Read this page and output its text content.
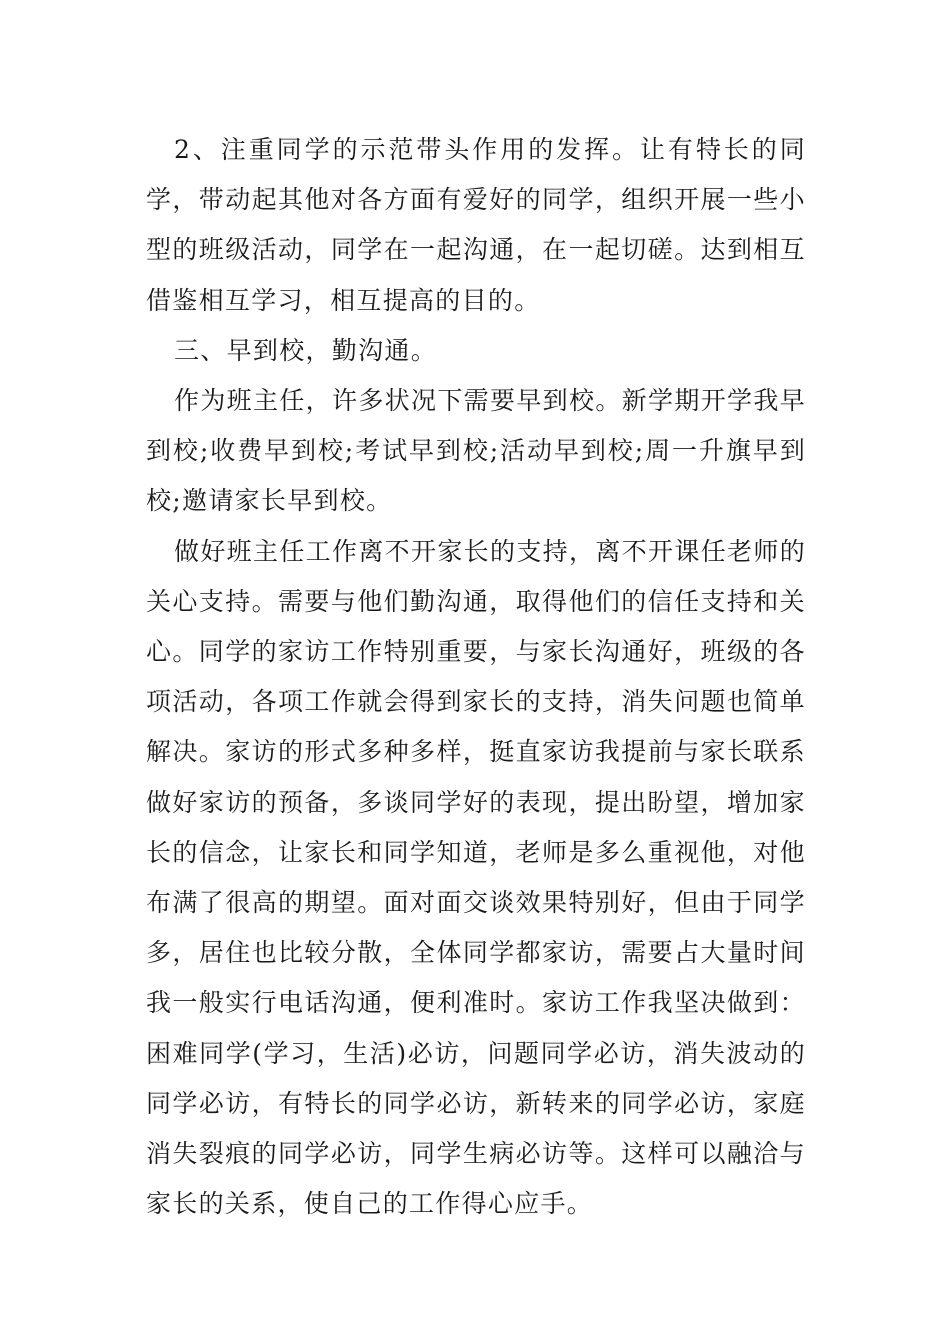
2、注重同学的示范带头作用的发挥。让有特长的同学，带动起其他对各方面有爱好的同学，组织开展一些小型的班级活动，同学在一起沟通，在一起切磋。达到相互借鉴相互学习，相互提高的目的。

三、早到校，勤沟通。

作为班主任，许多状况下需要早到校。新学期开学我早到校;收费早到校;考试早到校;活动早到校;周一升旗早到校;邀请家长早到校。

做好班主任工作离不开家长的支持，离不开课任老师的关心支持。需要与他们勤沟通，取得他们的信任支持和关心。同学的家访工作特别重要，与家长沟通好，班级的各项活动，各项工作就会得到家长的支持，消失问题也简单解决。家访的形式多种多样，挺直家访我提前与家长联系做好家访的预备，多谈同学好的表现，提出盼望，增加家长的信念，让家长和同学知道，老师是多么重视他，对他布满了很高的期望。面对面交谈效果特别好，但由于同学多，居住也比较分散，全体同学都家访，需要占大量时间我一般实行电话沟通，便利准时。家访工作我坚决做到：困难同学(学习，生活)必访，问题同学必访，消失波动的同学必访，有特长的同学必访，新转来的同学必访，家庭消失裂痕的同学必访，同学生病必访等。这样可以融洽与家长的关系，使自己的工作得心应手。
